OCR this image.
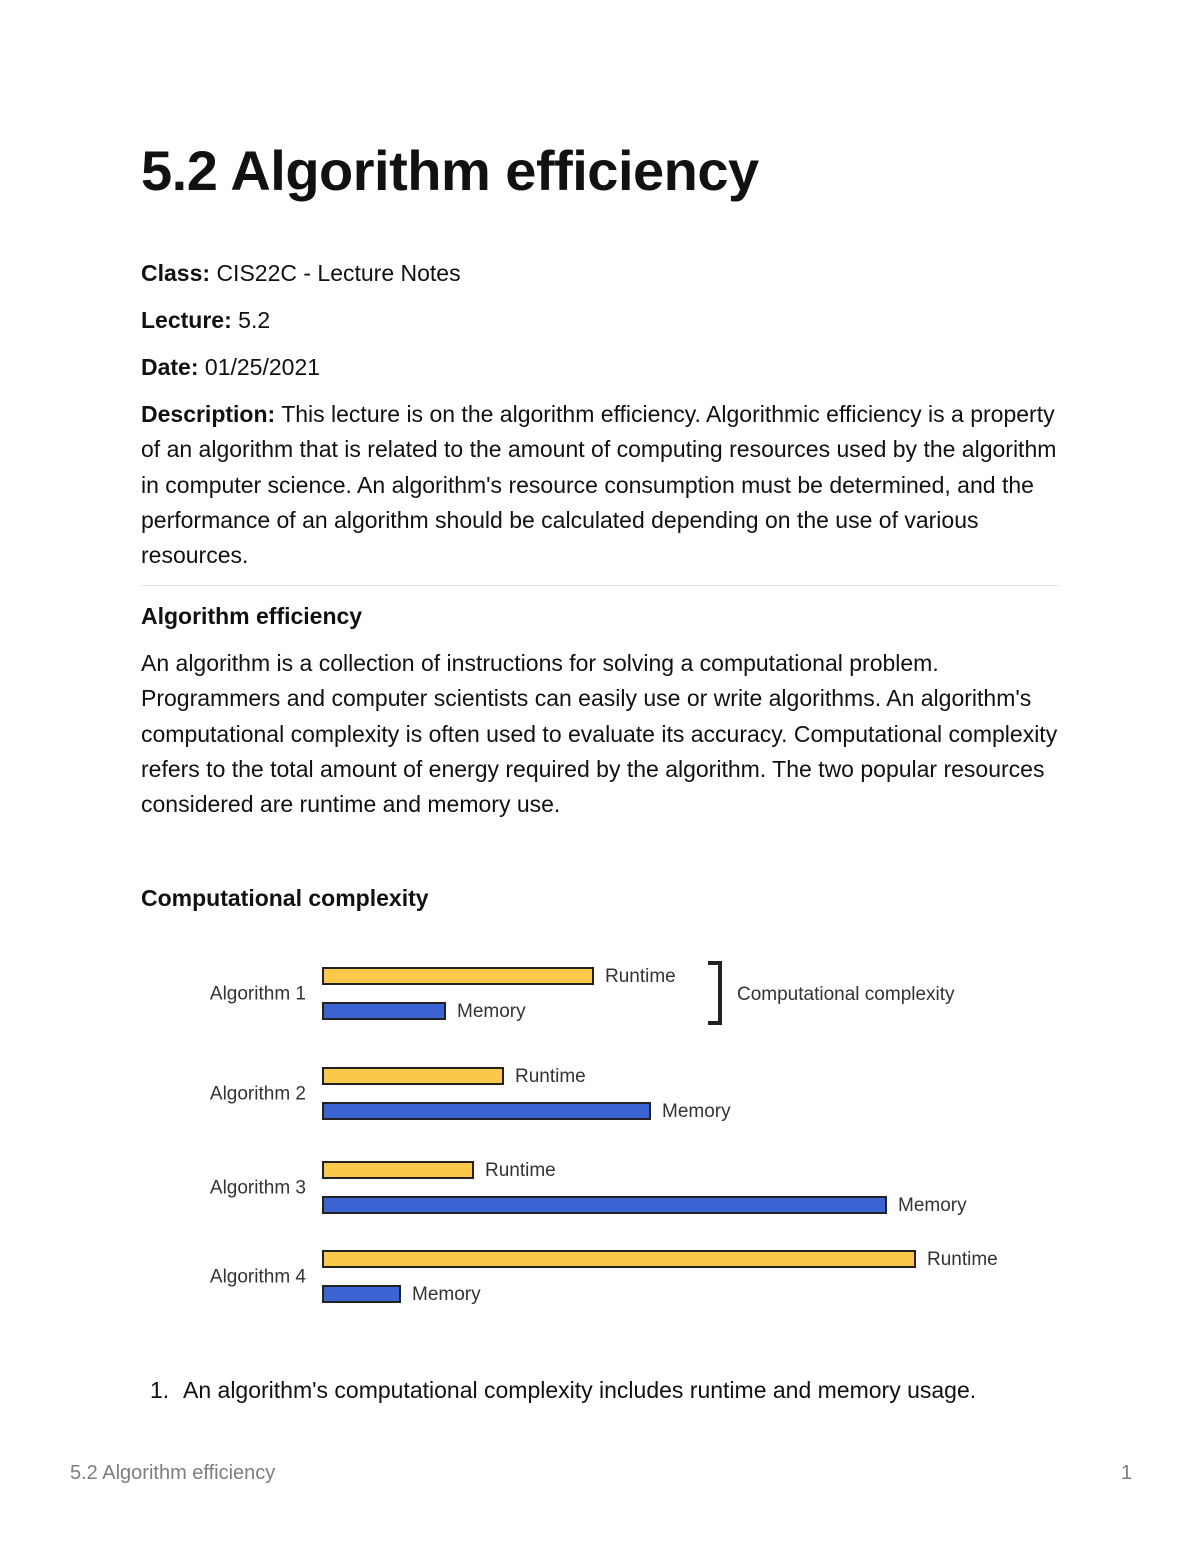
5.2 Algorithm efficiency

Class: CIS22C - Lecture Notes

Lecture: 5.2

Date: 01/25/2021

Description: This lecture is on the algorithm efficiency. Algorithmic efficiency is a property of an algorithm that is related to the amount of computing resources used by the algorithm in computer science. An algorithm's resource consumption must be determined, and the performance of an algorithm should be calculated depending on the use of various resources.

Algorithm efficiency

An algorithm is a collection of instructions for solving a computational problem. Programmers and computer scientists can easily use or write algorithms. An algorithm's computational complexity is often used to evaluate its accuracy. Computational complexity refers to the total amount of energy required by the algorithm. The two popular resources considered are runtime and memory use.

Computational complexity
Algorithm 1
Runtime
Memory
Algorithm 2
Runtime
Memory
Algorithm 3
Runtime
Memory
Algorithm 4
Runtime
Memory
Computational complexity
1. An algorithm's computational complexity includes runtime and memory usage.
5.2 Algorithm efficiency	1
